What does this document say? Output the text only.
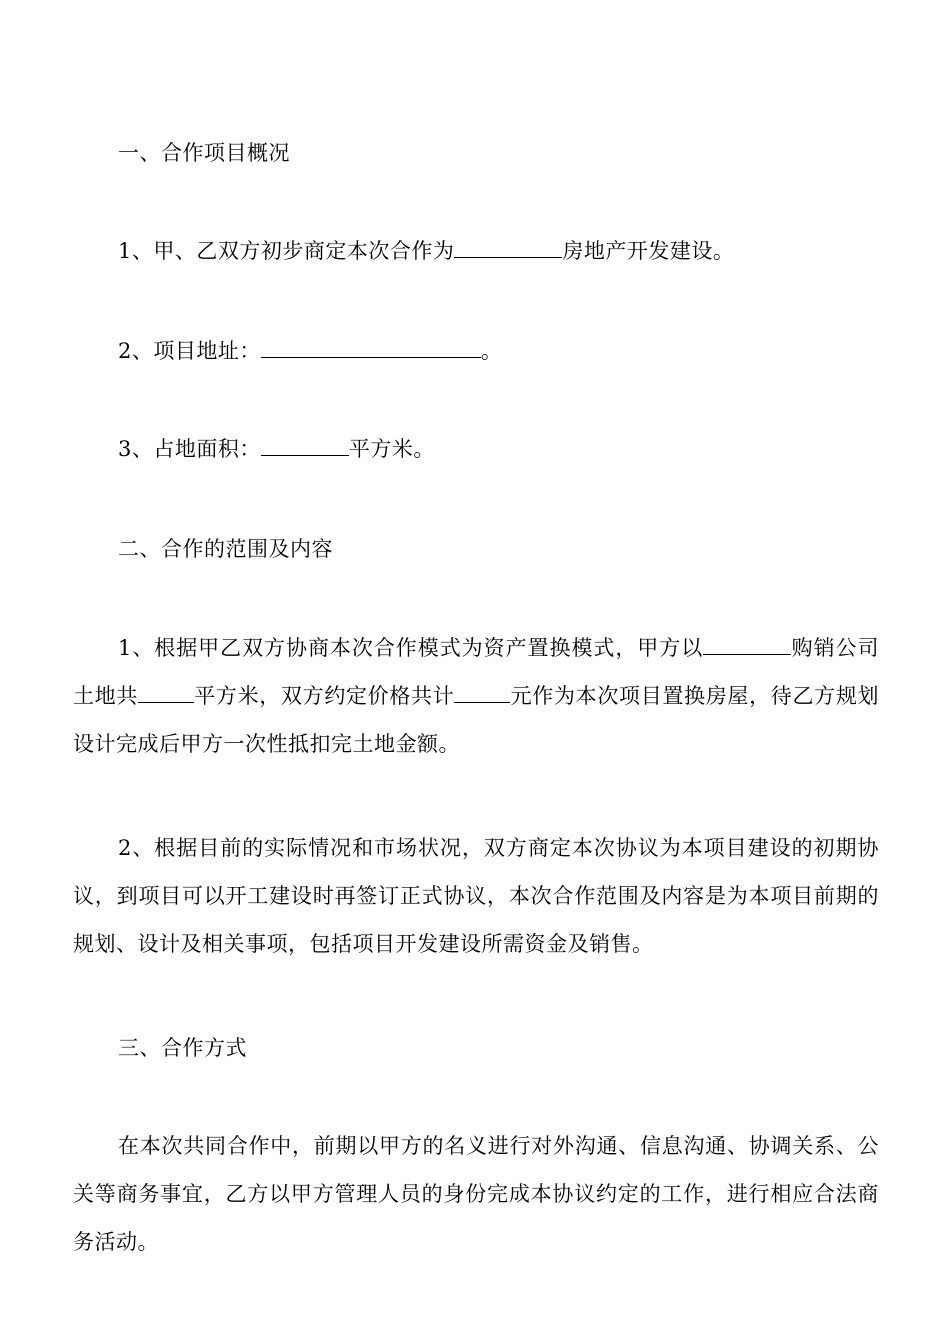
一、合作项目概况
1、甲、乙双方初步商定本次合作为	房地产开发建设。
2、项目地址：	。
3、占地面积：	平方米。
二、合作的范围及内容
1、根据甲乙双方协商本次合作模式为资产置换模式，甲方以	购销公司土地共	平方米，双方约定价格共计	元作为本次项目置换房屋，待乙方规划设计完成后甲方一次性抵扣完土地金额。
2、根据目前的实际情况和市场状况，双方商定本次协议为本项目建设的初期协议，到项目可以开工建设时再签订正式协议，本次合作范围及内容是为本项目前期的规划、设计及相关事项，包括项目开发建设所需资金及销售。
三、合作方式
在本次共同合作中，前期以甲方的名义进行对外沟通、信息沟通、协调关系、公关等商务事宜，乙方以甲方管理人员的身份完成本协议约定的工作，进行相应合法商务活动。
